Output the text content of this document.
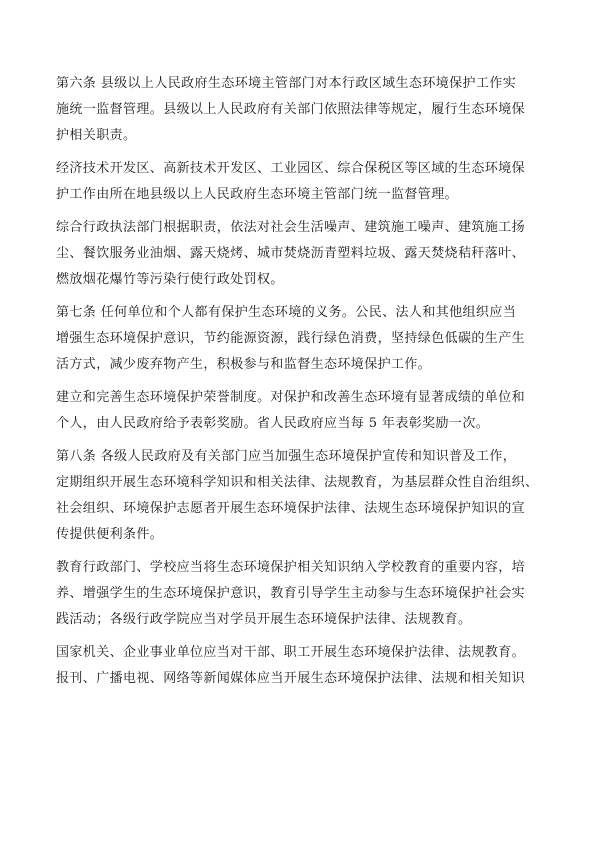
第六条 县级以上人民政府生态环境主管部门对本行政区域生态环境保护工作实
施统一监督管理。县级以上人民政府有关部门依照法律等规定，履行生态环境保
护相关职责。

经济技术开发区、高新技术开发区、工业园区、综合保税区等区域的生态环境保
护工作由所在地县级以上人民政府生态环境主管部门统一监督管理。

综合行政执法部门根据职责，依法对社会生活噪声、建筑施工噪声、建筑施工扬
尘、餐饮服务业油烟、露天烧烤、城市焚烧沥青塑料垃圾、露天焚烧秸秆落叶、
燃放烟花爆竹等污染行使行政处罚权。

第七条 任何单位和个人都有保护生态环境的义务。公民、法人和其他组织应当
增强生态环境保护意识，节约能源资源，践行绿色消费，坚持绿色低碳的生产生
活方式，减少废弃物产生，积极参与和监督生态环境保护工作。

建立和完善生态环境保护荣誉制度。对保护和改善生态环境有显著成绩的单位和
个人，由人民政府给予表彰奖励。省人民政府应当每 5 年表彰奖励一次。

第八条 各级人民政府及有关部门应当加强生态环境保护宣传和知识普及工作，
定期组织开展生态环境科学知识和相关法律、法规教育，为基层群众性自治组织、
社会组织、环境保护志愿者开展生态环境保护法律、法规生态环境保护知识的宣
传提供便利条件。

教育行政部门、学校应当将生态环境保护相关知识纳入学校教育的重要内容，培
养、增强学生的生态环境保护意识，教育引导学生主动参与生态环境保护社会实
践活动；各级行政学院应当对学员开展生态环境保护法律、法规教育。

国家机关、企业事业单位应当对干部、职工开展生态环境保护法律、法规教育。
报刊、广播电视、网络等新闻媒体应当开展生态环境保护法律、法规和相关知识
